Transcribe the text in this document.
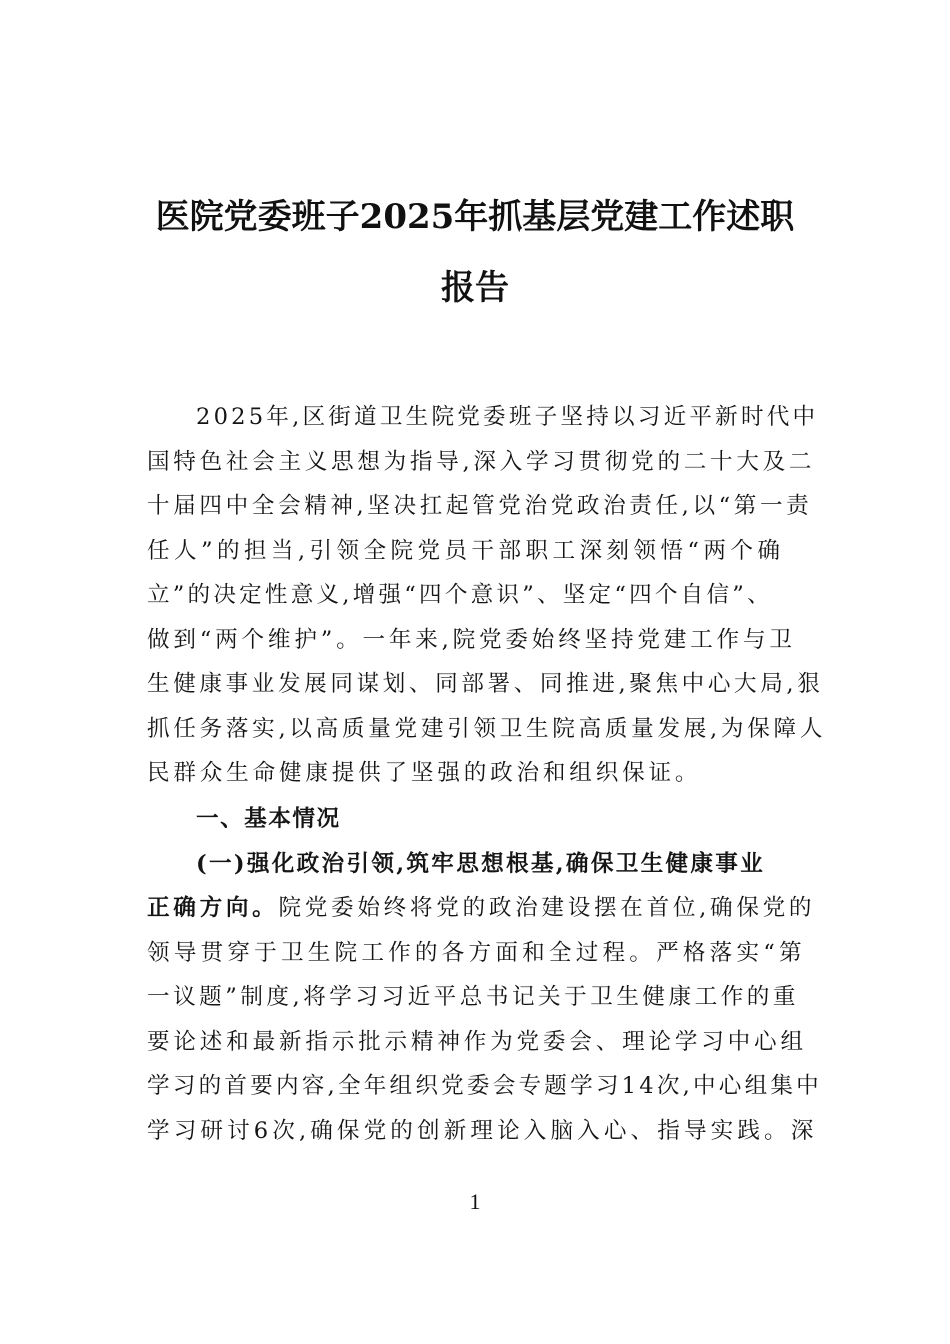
医院党委班子2025年抓基层党建工作述职
报告
2025年,区街道卫生院党委班子坚持以习近平新时代中
国特色社会主义思想为指导,深入学习贯彻党的二十大及二
十届四中全会精神,坚决扛起管党治党政治责任,以“第一责
任人”的担当,引领全院党员干部职工深刻领悟“两个确
立”的决定性意义,增强“四个意识”、坚定“四个自信”、
做到“两个维护”。一年来,院党委始终坚持党建工作与卫
生健康事业发展同谋划、同部署、同推进,聚焦中心大局,狠
抓任务落实,以高质量党建引领卫生院高质量发展,为保障人
民群众生命健康提供了坚强的政治和组织保证。
一、基本情况
(一)强化政治引领,筑牢思想根基,确保卫生健康事业
正确方向。院党委始终将党的政治建设摆在首位,确保党的
领导贯穿于卫生院工作的各方面和全过程。严格落实“第
一议题”制度,将学习习近平总书记关于卫生健康工作的重
要论述和最新指示批示精神作为党委会、理论学习中心组
学习的首要内容,全年组织党委会专题学习14次,中心组集中
学习研讨6次,确保党的创新理论入脑入心、指导实践。深
1
